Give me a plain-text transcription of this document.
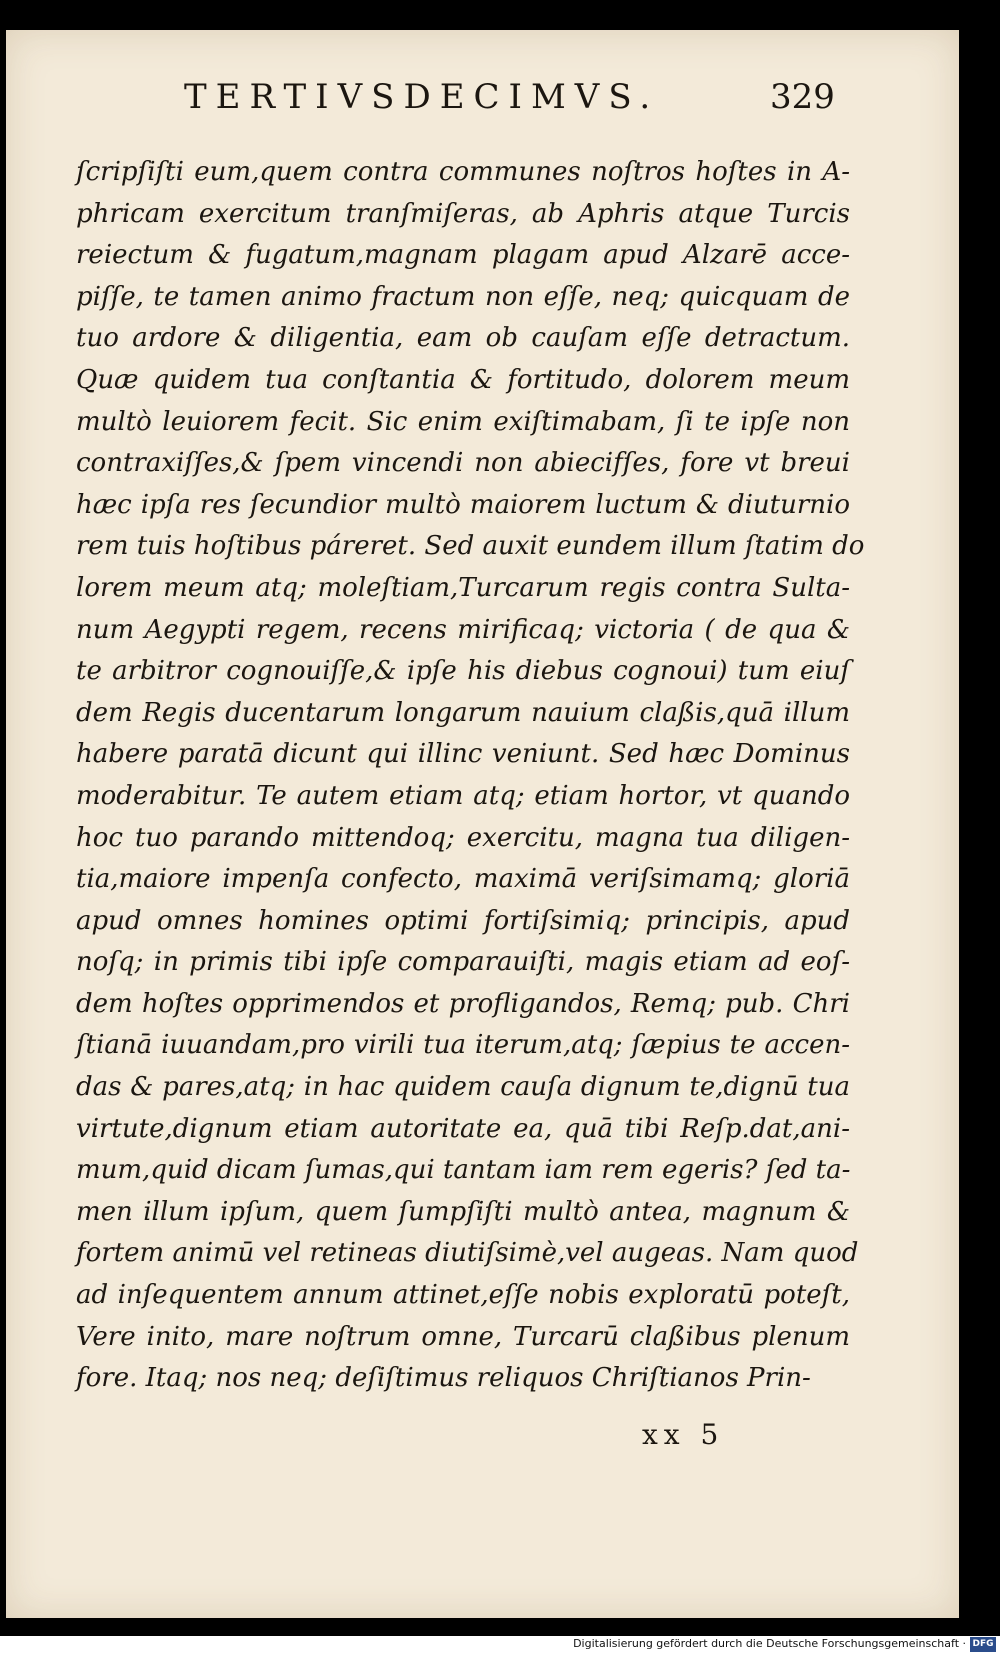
TERTIVSDECIMVS.	329
ſcripſiſti eum,quem contra communes noſtros hoſtes in A-
phricam exercitum tranſmiſeras, ab Aphris atque Turcis
reiectum & fugatum,magnam plagam apud Alzarē acce-
piſſe, te tamen animo fractum non eſſe, neq; quicquam de
tuo ardore & diligentia, eam ob cauſam eſſe detractum.
Quæ quidem tua conſtantia & fortitudo, dolorem meum
multò leuiorem fecit. Sic enim exiſtimabam, ſi te ipſe non
contraxiſſes,& ſpem vincendi non abiecifſes, fore vt breui
hæc ipſa res ſecundior multò maiorem luctum & diuturnio
rem tuis hoſtibus páreret. Sed auxit eundem illum ſtatim do
lorem meum atq; moleſtiam,Turcarum regis contra Sulta-
num Aegypti regem, recens mirificaq; victoria ( de qua &
te arbitror cognouiſſe,& ipſe his diebus cognoui) tum eiuſ
dem Regis ducentarum longarum nauium claßis,quā illum
habere paratā dicunt qui illinc veniunt. Sed hæc Dominus
moderabitur. Te autem etiam atq; etiam hortor, vt quando
hoc tuo parando mittendoq; exercitu, magna tua diligen-
tia,maiore impenſa confecto, maximā veriſsimamq; gloriā
apud omnes homines optimi fortiſsimiq; principis, apud
noſq; in primis tibi ipſe comparauiſti, magis etiam ad eoſ-
dem hoſtes opprimendos et profligandos, Remq; pub. Chri
ſtianā iuuandam,pro virili tua iterum,atq; ſæpius te accen-
das & pares,atq; in hac quidem cauſa dignum te,dignū tua
virtute,dignum etiam autoritate ea, quā tibi Reſp.dat,ani-
mum,quid dicam ſumas,qui tantam iam rem egeris? ſed ta-
men illum ipſum, quem ſumpſiſti multò antea, magnum &
fortem animū vel retineas diutiſsimè,vel augeas. Nam quod
ad inſequentem annum attinet,eſſe nobis exploratū poteſt,
Vere inito, mare noſtrum omne, Turcarū claßibus plenum
fore. Itaq; nos neq; deſiſtimus reliquos Chriſtianos Prin-
xx 5
Digitalisierung gefördert durch die Deutsche Forschungsgemeinschaft · DFG
